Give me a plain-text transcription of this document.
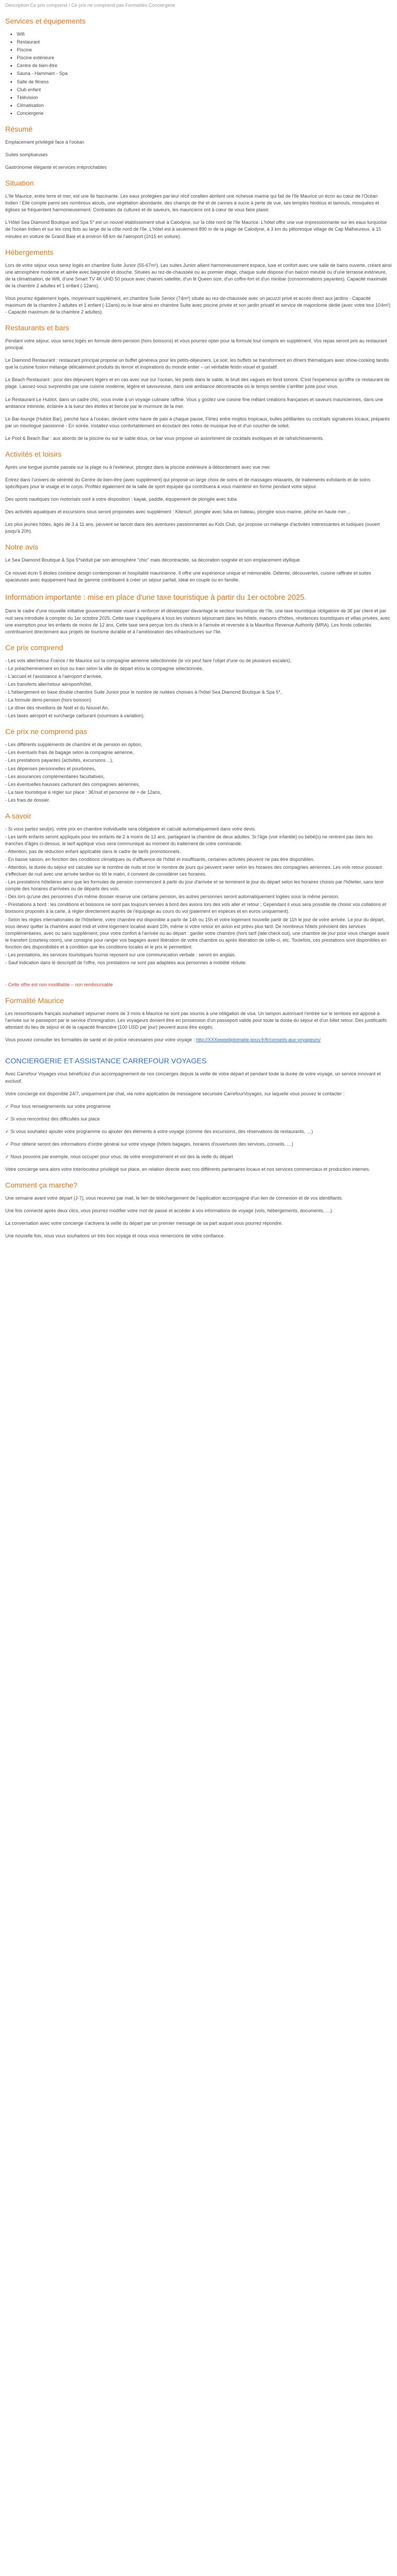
Description Ce prix comprend / Ce prix ne comprend pas Formalités Conciergerie
Services et équipements
• Wifi
• Restaurant
• Piscine
• Piscine extérieure
• Centre de bien-être
• Sauna - Hammam - Spa
• Salle de fitness
• Club enfant
• Télévision
• Climatisation
• Conciergerie
Résumé

Emplacement privilégié face à l'océan

Suites somptueuses

Gastronomie élégante et services irréprochables

Situation

L'île Maurice, entre terre et mer, est une île fascinante. Les eaux protégées par leur récif corallien abritent une richesse marine qui fait de l'île Maurice un écrin au cœur de l'Océan Indien ! Elle compte parmi ses nombreux atouts, une végétation abondante, des champs de thé et de cannes à sucre à perte de vue, ses temples hindous et tamouls, mosquées et églises se fréquentent harmonieusement. Contrastes de cultures et de saveurs, les mauriciens ont à cœur de vous faire plaisir.

L'Hôtel Sea Diamond Boutique and Spa 5* est un nouvel établissement situé à Calodyne, sur la côte nord de l'île Maurice. L'hôtel offre une vue impressionnante sur les eaux turquoise de l'océan Indien et sur les cinq îlots au large de la côte nord de l'île. L'hôtel est à seulement 890 m de la plage de Calodyne, à 3 km du pittoresque village de Cap Malheureux, à 15 minutes en voiture de Grand Baie et à environ 68 km de l'aéroport (1h15 en voiture).

Hébergements

Lors de votre séjour vous serez logés en chambre Suite Junior (55-67m²). Les suites Junior allient harmonieusement espace, luxe et confort avec une salle de bains ouverte, créant ainsi une atmosphère moderne et aérée avec baignoire et douche. Situées au rez-de-chaussée ou au premier étage, chaque suite dispose d'un balcon meublé ou d'une terrasse extérieure, de la climatisation, de Wifi, d'une Smart TV 4K UHD 50 pouce avec chaines satellite, d'un lit Queen size, d'un coffre-fort et d'un minibar (consommations payantes). Capacité maximale de la chambre 2 adultes et 1 enfant (-12ans).

Vous pourrez également logés, moyennant supplément, en chambre Suite Senior (74m²) située au rez-de-chaussée avec un jacuzzi privé et accès direct aux jardins - Capacité maximum de la chambre 2 adultes et 1 enfant (-12ans) ou le loue ainsi en chambre Suite avec piscine privée et son jardin privatif et service de majordome dédié (avec votre tour 104m²) - Capacité maximum de la chambre 2 adultes).

Restaurants et bars

Pendant votre séjour, vous serez logés en formule demi-pension (hors boissons) et vous pourrez opter pour la formule tout compris en supplément. Vos repas seront pris au restaurant principal.

Le Diamond Restaurant : restaurant principal propose un buffet généreux pour les petits-déjeuners. Le soir, les buffets se transforment en dîners thématiques avec show-cooking tandis que la cuisine fusion mélange délicatement produits du terroir et inspirations du monde entier – un véritable festin visuel et gustatif.

Le Beach Restaurant : pour des déjeuners légers et en cas avec vue sur l'océan, les pieds dans le sable, le bruit des vagues en fond sonore. C'est l'expérience qu'offre ce restaurant de plage. Laissez-vous surprendre par une cuisine moderne, légère et savoureuse, dans une ambiance décontractée où le temps semble s'arrêter juste pour vous.

Le Restaurant Le Hublot, dans un cadre chic, vous invite à un voyage culinaire raffiné. Vous y goûtez une cuisine fine mêlant créations françaises et saveurs mauriciennes, dans une ambiance intimiste, éclairée à la lueur des étoiles et bercée par le murmure de la mer.

Le Bar-lounge (Hublot Bar), perché face à l'océan, devient votre havre de paix à chaque pause. Flirtez entre mojitos tropicaux, bulles pétillantes ou cocktails signatures locaux, préparés par un mixologue passionné - En soirée, installez-vous confortablement en écoutant des notes de musique live et d'un coucher de soleil.

Le Pool & Beach Bar : aux abords de la piscine ou sur le sable doux, ce bar vous propose un assortiment de cocktails exotiques et de rafraîchissements.

Activités et loisirs

Après une longue journée passée sur la plage ou à l'extérieur, plongez dans la piscine extérieure à débordement avec vue mer.

Entrez dans l'univers de sérénité du Centre de bien-être (avec supplément) qui propose un large choix de soins et de massages relaxants, de traitements exfoliants et de soins spécifiques pour le visage et le corps. Profitez également de la salle de sport équipée qui contribuera à vous maintenir en forme pendant votre séjour.

Des sports nautiques non motorisés sont à votre disposition : kayak, paddle, équipement de plongée avec tuba.

Des activités aquatiques et excursions sous seront proposées avec supplément : Kitesurf, plongée avec tuba en bateau, plongée sous-marine, pêche en haute mer…

Les plus jeunes hôtes, âgés de 3 à 11 ans, peuvent se lancer dans des aventures passionnantes au Kids Club, qui propose un mélange d'activités intéressantes et ludiques (ouvert jusqu'à 20h).

Notre avis

Le Sea Diamond Boutique & Spa 5*séduit par son atmosphère "chic" mais décontractée, sa décoration soignée et son emplacement idyllique.

Ce nouvel écrin 5 étoiles combine design contemporain et hospitalité mauricienne. Il offre une expérience unique et mémorable. Détente, découvertes, cuisine raffinée et suites spacieuses avec équipement haut de gamme contribuent à créer un séjour parfait, idéal en couple ou en famille.

Information importante : mise en place d'une taxe touristique à partir du 1er octobre 2025.

Dans le cadre d'une nouvelle initiative gouvernementale visant à renforcer et développer davantage le secteur touristique de l'île, une taxe touristique obligatoire de 3€ par client et par nuit sera introduite à compter du 1er octobre 2025. Cette taxe s'appliquera à tous les visiteurs séjournant dans les hôtels, maisons d'hôtes, résidences touristiques et villas privées, avec une exemption pour les enfants de moins de 12 ans. Cette taxe sera perçue lors du check-in à l'arrivée et reversée à la Mauritius Revenue Authority (MRA). Les fonds collectés contribueront directement aux projets de tourisme durable et à l'amélioration des infrastructures sur l'île.

Ce prix comprend

- Les vols aller/retour France / Ile Maurice sur la compagnie aérienne sélectionnée (le vol peut faire l'objet d'une ou de plusieurs escales),

- Le préacheminement en bus ou train selon la ville de départ et/ou la compagnie sélectionnée,

- L'accueil et l'assistance à l'aéroport d'arrivée,

- Les transferts aller/retour aéroport/hôtel,

- L'hébergement en base double chambre Suite Junior pour le nombre de nuitées choisies à l'hôtel Sea Diamond Boutique & Spa 5*,

- La formule demi-pension (hors boisson)

- Le dîner des réveillons de Noël et du Nouvel An,

- Les taxes aéroport et surcharge carburant (soumises à variation).

Ce prix ne comprend pas

- Les différents suppléments de chambre et de pension en option,

- Les éventuels frais de bagage selon la compagnie aérienne,

- Les prestations payantes (activités, excursions…),

- Les dépenses personnelles et pourboires,

- Les assurances complémentaires facultatives,

- Les éventuelles hausses carburant des compagnies aériennes,

- La taxe touristique à régler sur place : 3€/nuit et personne de + de 12ans,

- Les frais de dossier.

A savoir

- Si vous partez seul(e), votre prix en chambre individuelle sera obligatoire et calculé automatiquement dans votre devis.

- Les tarifs enfants seront appliqués pour les enfants de 2 à moins de 12 ans, partageant la chambre de deux adultes. Si l'âge (voir infantile) ou bébé(s) ne rentrent pas dans les tranches d'âges ci-dessus, le tarif appliqué vous sera communiqué au moment du traitement de votre commande.

- Attention, pas de réduction enfant applicable dans le cadre de tarifs promotionnels.

- En basse saison, en fonction des conditions climatiques ou d'affluence de l'hôtel et insuffisants, certaines activités peuvent ne pas être disponibles.

- Attention, la durée du séjour est calculée sur le nombre de nuits et non le nombre de jours qui peuvent varier selon les horaires des compagnies aériennes. Les vols retour pouvant s'effectuer de nuit avec une arrivée tardive ou tôt le matin, il convient de considérer ces horaires.

- Les prestations hôtelières ainsi que les formules de pension commencent à partir du jour d'arrivée et se terminent le jour du départ selon les horaires choisis par l'hôtelier, sans tenir compte des horaires d'arrivées ou de départs des vols.

- Dès lors qu'une des personnes d'un même dossier réserve une certaine pension, les autres personnes seront automatiquement logées sous la même pension.

- Prestations à bord : les conditions et boissons ne sont pas toujours servies à bord des avions lors des vols aller et retour ; Cependant il vous sera possible de choisir vos collations et boissons proposés à la carte, à régler directement auprès de l'équipage au cours du vol (paiement en espèces et en euros uniquement).

- Selon les règles internationales de l'hôtellerie, votre chambre est disponible à partir de 14h ou 15h et votre logement nouvelle partir de 11h le jour de votre arrivée. Le jour du départ, vous devez quitter la chambre avant midi et votre logement localisé avant 10h, même si votre retour en avion est prévu plus tard. De nombreux hôtels prévoient des services complémentaires, avec ou sans supplément, pour votre confort à l'arrivée ou au départ : garder votre chambre (hors tarif (late check out), une chambre de jour pour vous changer avant le transfert (courtesy room), une consigne pour ranger vos bagages avant libération de votre chambre ou après libération de celle-ci, etc. Toutefois, ces prestations sont disponibles en fonction des disponibilités et à condition que les conditions locales et le prix le permettent.

- Les prestations, les services touristiques fournis reposent sur une communication verbale : seront en anglais.

- Sauf indication dans le descriptif de l'offre, nos prestations ne sont pas adaptées aux personnes à mobilité réduite.

- Cette offre est non modifiable – non remboursable

Formalité Maurice

Les ressortissants français souhaitant séjourner moins de 3 mois à Maurice ne sont pas soumis à une obligation de visa. Un tampon autorisant l'entrée sur le territoire est apposé à l'arrivée sur le passeport par le service d'immigration. Les voyageurs doivent être en possession d'un passeport valide pour toute la durée du séjour et d'un billet retour. Des justificatifs attestant du lieu de séjour et de la capacité financière (100 USD par jour) peuvent aussi être exigés.

Vous pouvez consulter les formalités de santé et de police nécessaires pour votre voyage : http://XXXwwwdiplomatie.gouv.fr/fr/conseils-aux-voyageurs/

CONCIERGERIE ET ASSISTANCE CARREFOUR VOYAGES

Avec Carrefour Voyages vous bénéficiez d'un accompagnement de nos concierges depuis la veille de votre départ et pendant toute la durée de votre voyage, un service innovant et exclusif.

Votre concierge est disponible 24/7, uniquement par chat, via notre application de messagerie sécurisée CarrefourVoyages, sur laquelle vous pouvez le contacter :

✓ Pour tous renseignements sur votre programme

✓ Si vous rencontrez des difficultés sur place

✓ Si vous souhaitez ajouter votre programme ou ajouter des éléments à votre voyage (comme des excursions, des réservations de restaurants, …)

✓ Pour obtenir seront des informations d'ordre général sur votre voyage (hôtels bagages, horaires d'ouvertures des services, conseils, …)

✓ Nous pouvons par exemple, nous occuper pour vous, de votre enregistrement et vol des la veille du départ

Votre concierge sera alors votre interlocuteur privilégié sur place, en relation directe avec nos différents partenaires locaux et nos services commerciaux et production internes.

Comment ça marche?

Une semaine avant votre départ (J-7), vous recevrez par mail, le lien de téléchargement de l'application accompagné d'un lien de connexion et de vos identifiants.

Une fois connecté après deux clics, vous pourrez modifier votre mot de passe et accéder à vos informations de voyage (vols, hébergements, documents, …).

La conversation avec votre concierge s'activera la veille du départ par un premier message de sa part auquel vous pourrez répondre.

Une nouvelle fois, nous vous souhaitons un très bon voyage et nous vous remercions de votre confiance.
